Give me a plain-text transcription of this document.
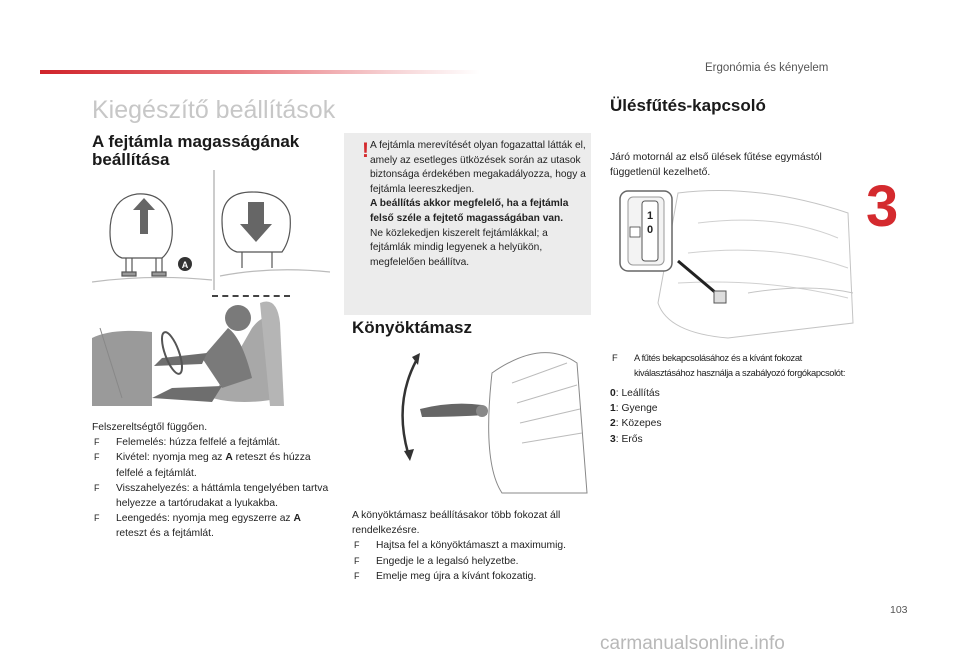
Ergonómia és kényelem
3
Kiegészítő beállítások
A fejtámla magasságának
beállítása
A
Felszereltségtől függően.
F Felemelés: húzza felfelé a fejtámlát.
F Kivétel: nyomja meg az A reteszt és húzza felfelé a fejtámlát.
F Visszahelyezés: a háttámla tengelyében tartva helyezze a tartórudakat a lyukakba.
F Leengedés: nyomja meg egyszerre az A reteszt és a fejtámlát.
! A fejtámla merevítését olyan fogazattal látták el, amely az esetleges ütközések során az utasok biztonsága érdekében megakadályozza, hogy a fejtámla leereszkedjen.

A beállítás akkor megfelelő, ha a fejtámla felső széle a fejtető magasságában van.

Ne közlekedjen kiszerelt fejtámlákkal; a fejtámlák mindig legyenek a helyükön, megfelelően beállítva.

Könyöktámasz
A könyöktámasz beállításakor több fokozat áll rendelkezésre.
F Hajtsa fel a könyöktámaszt a maximumig.
F Engedje le a legalsó helyzetbe.
F Emelje meg újra a kívánt fokozatig.
Ülésfűtés-kapcsoló
Járó motornál az első ülések fűtése egymástól függetlenül kezelhető.
1
0
F A fűtés bekapcsolásához és a kívánt fokozat
kiválasztásához használja a szabályozó forgókapcsolót:
0: Leállítás
1: Gyenge
2: Közepes
3: Erős
103
carmanualsonline.info
